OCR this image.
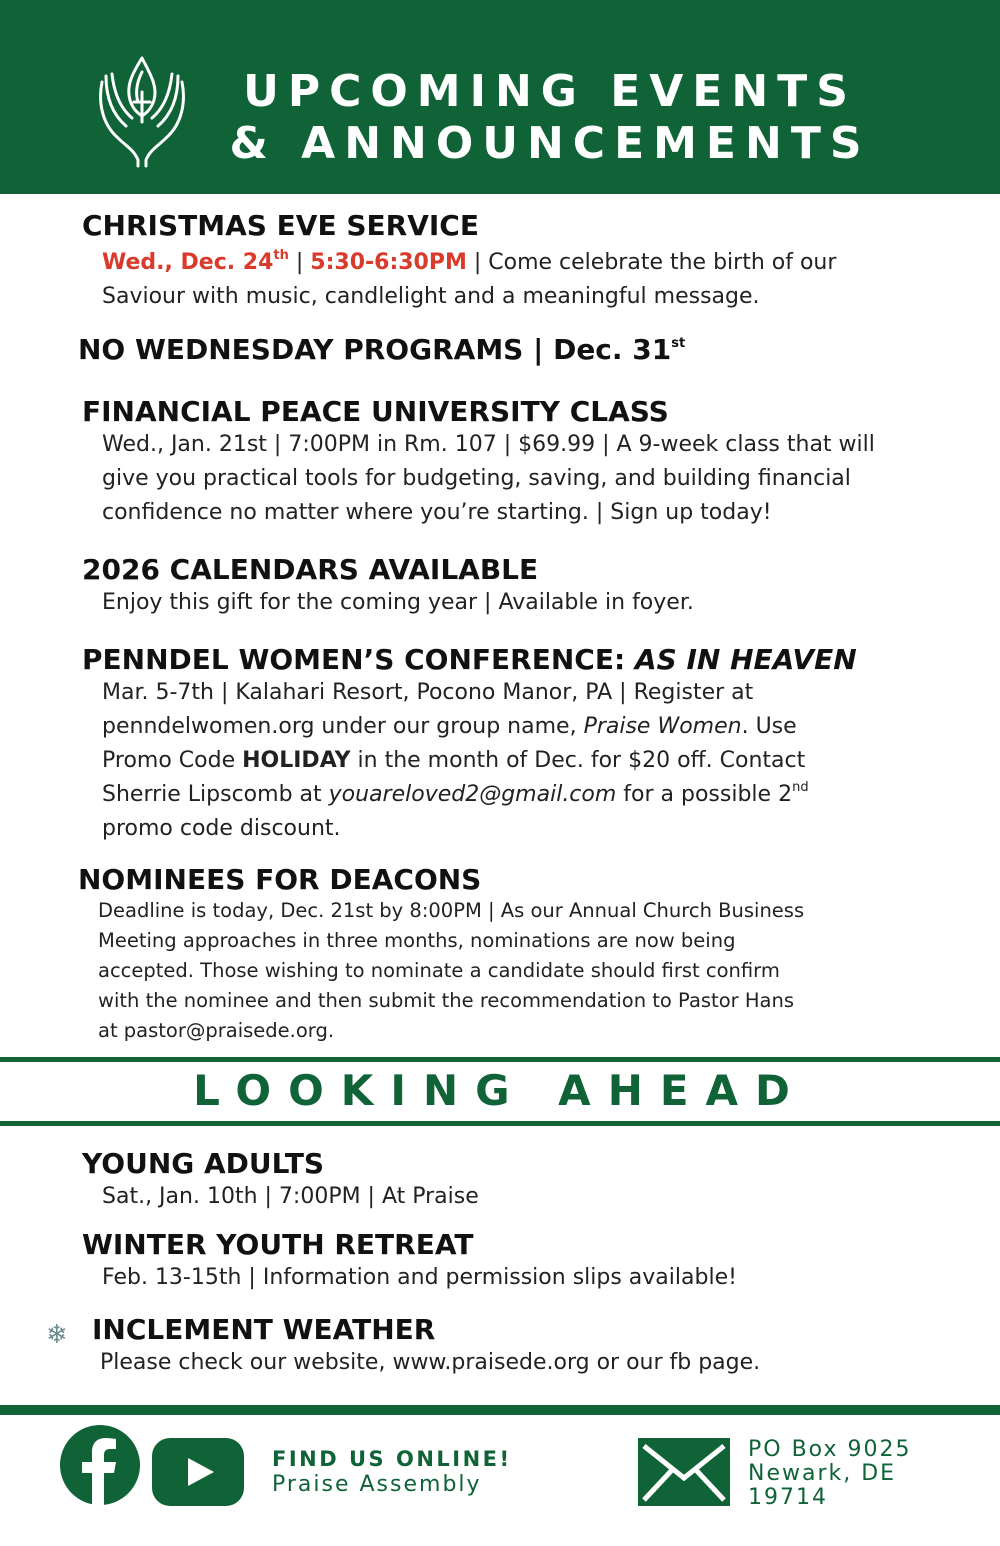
UPCOMING EVENTS
& ANNOUNCEMENTS
CHRISTMAS EVE SERVICE
Wed., Dec. 24th | 5:30-6:30PM | Come celebrate the birth of our
Saviour with music, candlelight and a meaningful message.
NO WEDNESDAY PROGRAMS | Dec. 31st
FINANCIAL PEACE UNIVERSITY CLASS
Wed., Jan. 21st | 7:00PM in Rm. 107 | $69.99 | A 9-week class that will
give you practical tools for budgeting, saving, and building financial
confidence no matter where you’re starting. | Sign up today!
2026 CALENDARS AVAILABLE
Enjoy this gift for the coming year | Available in foyer.
PENNDEL WOMEN’S CONFERENCE: AS IN HEAVEN
Mar. 5-7th | Kalahari Resort, Pocono Manor, PA | Register at
penndelwomen.org under our group name, Praise Women. Use
Promo Code HOLIDAY in the month of Dec. for $20 off. Contact
Sherrie Lipscomb at youareloved2@gmail.com for a possible 2nd
promo code discount.
NOMINEES FOR DEACONS
Deadline is today, Dec. 21st by 8:00PM | As our Annual Church Business
Meeting approaches in three months, nominations are now being
accepted. Those wishing to nominate a candidate should first confirm
with the nominee and then submit the recommendation to Pastor Hans
at pastor@praisede.org.
LOOKING AHEAD
YOUNG ADULTS
Sat., Jan. 10th | 7:00PM | At Praise
WINTER YOUTH RETREAT
Feb. 13-15th | Information and permission slips available!
❄ INCLEMENT WEATHER
Please check our website, www.praisede.org or our fb page.
FIND US ONLINE!
Praise Assembly
PO Box 9025
Newark, DE
19714
